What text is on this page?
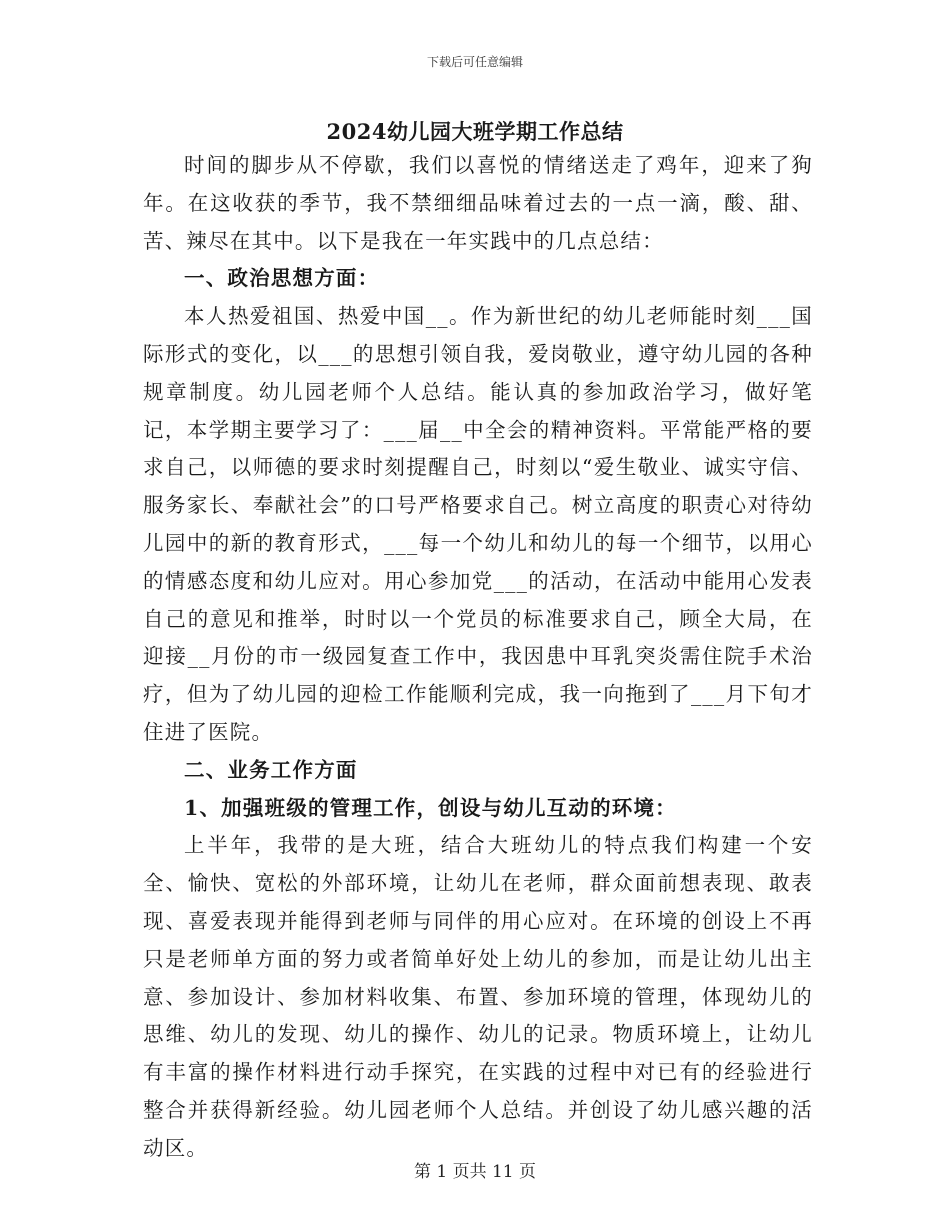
下载后可任意编辑
2024幼儿园大班学期工作总结

时间的脚步从不停歇，我们以喜悦的情绪送走了鸡年，迎来了狗年。在这收获的季节，我不禁细细品味着过去的一点一滴，酸、甜、苦、辣尽在其中。以下是我在一年实践中的几点总结：

一、政治思想方面：

本人热爱祖国、热爱中国__。作为新世纪的幼儿老师能时刻___国际形式的变化，以___的思想引领自我，爱岗敬业，遵守幼儿园的各种规章制度。幼儿园老师个人总结。能认真的参加政治学习，做好笔记，本学期主要学习了：___届__中全会的精神资料。平常能严格的要求自己，以师德的要求时刻提醒自己，时刻以“爱生敬业、诚实守信、服务家长、奉献社会”的口号严格要求自己。树立高度的职责心对待幼儿园中的新的教育形式，___每一个幼儿和幼儿的每一个细节，以用心的情感态度和幼儿应对。用心参加党___的活动，在活动中能用心发表自己的意见和推举，时时以一个党员的标准要求自己，顾全大局，在迎接__月份的市一级园复查工作中，我因患中耳乳突炎需住院手术治疗，但为了幼儿园的迎检工作能顺利完成，我一向拖到了___月下旬才住进了医院。

二、业务工作方面

1、加强班级的管理工作，创设与幼儿互动的环境：

上半年，我带的是大班，结合大班幼儿的特点我们构建一个安全、愉快、宽松的外部环境，让幼儿在老师，群众面前想表现、敢表现、喜爱表现并能得到老师与同伴的用心应对。在环境的创设上不再只是老师单方面的努力或者简单好处上幼儿的参加，而是让幼儿出主意、参加设计、参加材料收集、布置、参加环境的管理，体现幼儿的思维、幼儿的发现、幼儿的操作、幼儿的记录。物质环境上，让幼儿有丰富的操作材料进行动手探究，在实践的过程中对已有的经验进行整合并获得新经验。幼儿园老师个人总结。并创设了幼儿感兴趣的活动区。

第 1 页共 11 页
